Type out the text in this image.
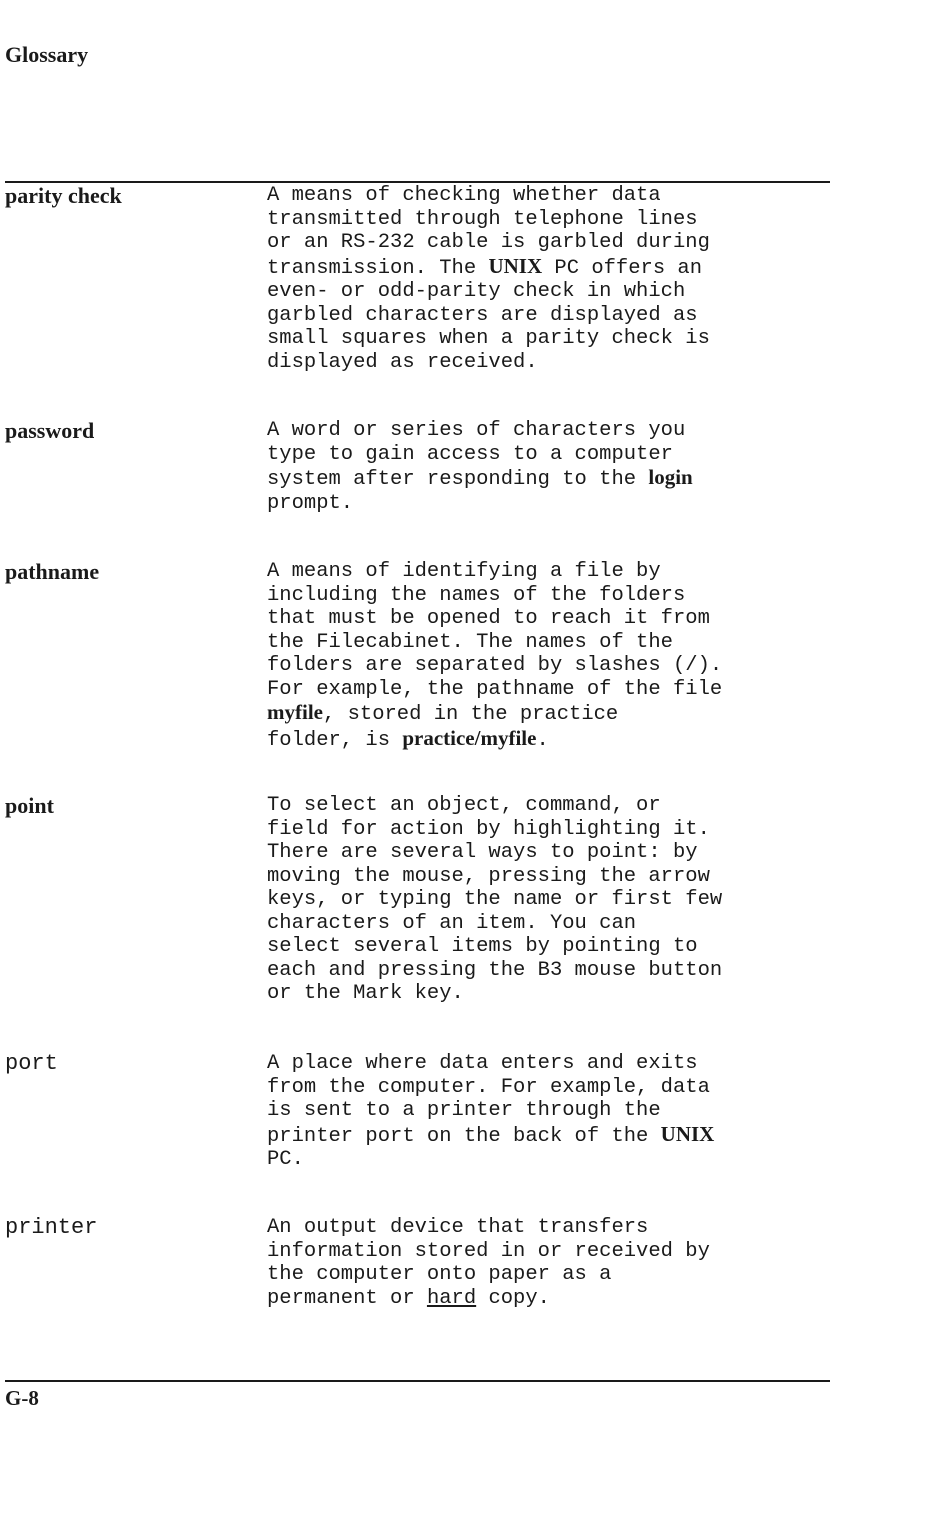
Glossary
parity check	A means of checking whether data
transmitted through telephone lines
or an RS-232 cable is garbled during
transmission. The UNIX PC offers an
even- or odd-parity check in which
garbled characters are displayed as
small squares when a parity check is
displayed as received.
password	A word or series of characters you
type to gain access to a computer
system after responding to the login
prompt.
pathname	A means of identifying a file by
including the names of the folders
that must be opened to reach it from
the Filecabinet. The names of the
folders are separated by slashes (/).
For example, the pathname of the file
myfile, stored in the practice
folder, is practice/myfile.
point	To select an object, command, or
field for action by highlighting it.
There are several ways to point: by
moving the mouse, pressing the arrow
keys, or typing the name or first few
characters of an item. You can
select several items by pointing to
each and pressing the B3 mouse button
or the Mark key.
port	A place where data enters and exits
from the computer. For example, data
is sent to a printer through the
printer port on the back of the UNIX
PC.
printer	An output device that transfers
information stored in or received by
the computer onto paper as a
permanent or hard copy.
G-8
